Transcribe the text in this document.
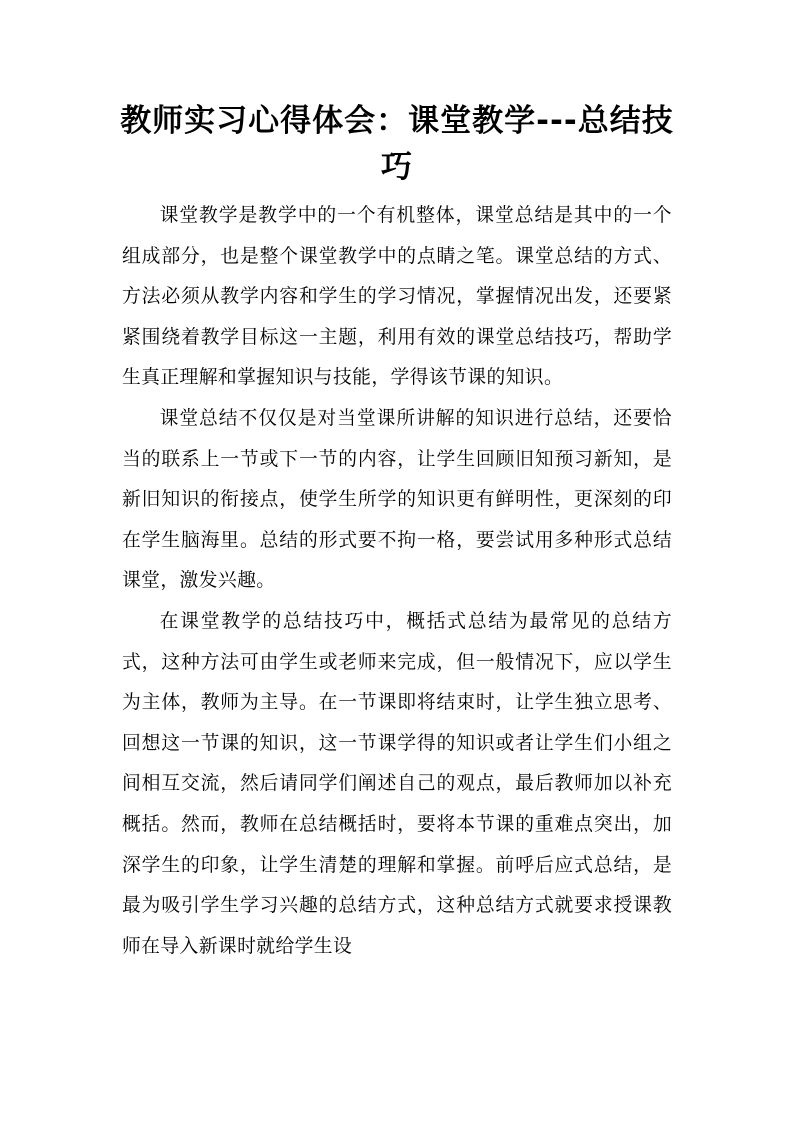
教师实习心得体会：课堂教学---总结技巧

课堂教学是教学中的一个有机整体，课堂总结是其中的一个组成部分，也是整个课堂教学中的点睛之笔。课堂总结的方式、方法必须从教学内容和学生的学习情况，掌握情况出发，还要紧紧围绕着教学目标这一主题，利用有效的课堂总结技巧，帮助学生真正理解和掌握知识与技能，学得该节课的知识。

课堂总结不仅仅是对当堂课所讲解的知识进行总结，还要恰当的联系上一节或下一节的内容，让学生回顾旧知预习新知，是新旧知识的衔接点，使学生所学的知识更有鲜明性，更深刻的印在学生脑海里。总结的形式要不拘一格，要尝试用多种形式总结课堂，激发兴趣。

在课堂教学的总结技巧中，概括式总结为最常见的总结方式，这种方法可由学生或老师来完成，但一般情况下，应以学生为主体，教师为主导。在一节课即将结束时，让学生独立思考、回想这一节课的知识，这一节课学得的知识或者让学生们小组之间相互交流，然后请同学们阐述自己的观点，最后教师加以补充概括。然而，教师在总结概括时，要将本节课的重难点突出，加深学生的印象，让学生清楚的理解和掌握。前呼后应式总结，是最为吸引学生学习兴趣的总结方式，这种总结方式就要求授课教师在导入新课时就给学生设
